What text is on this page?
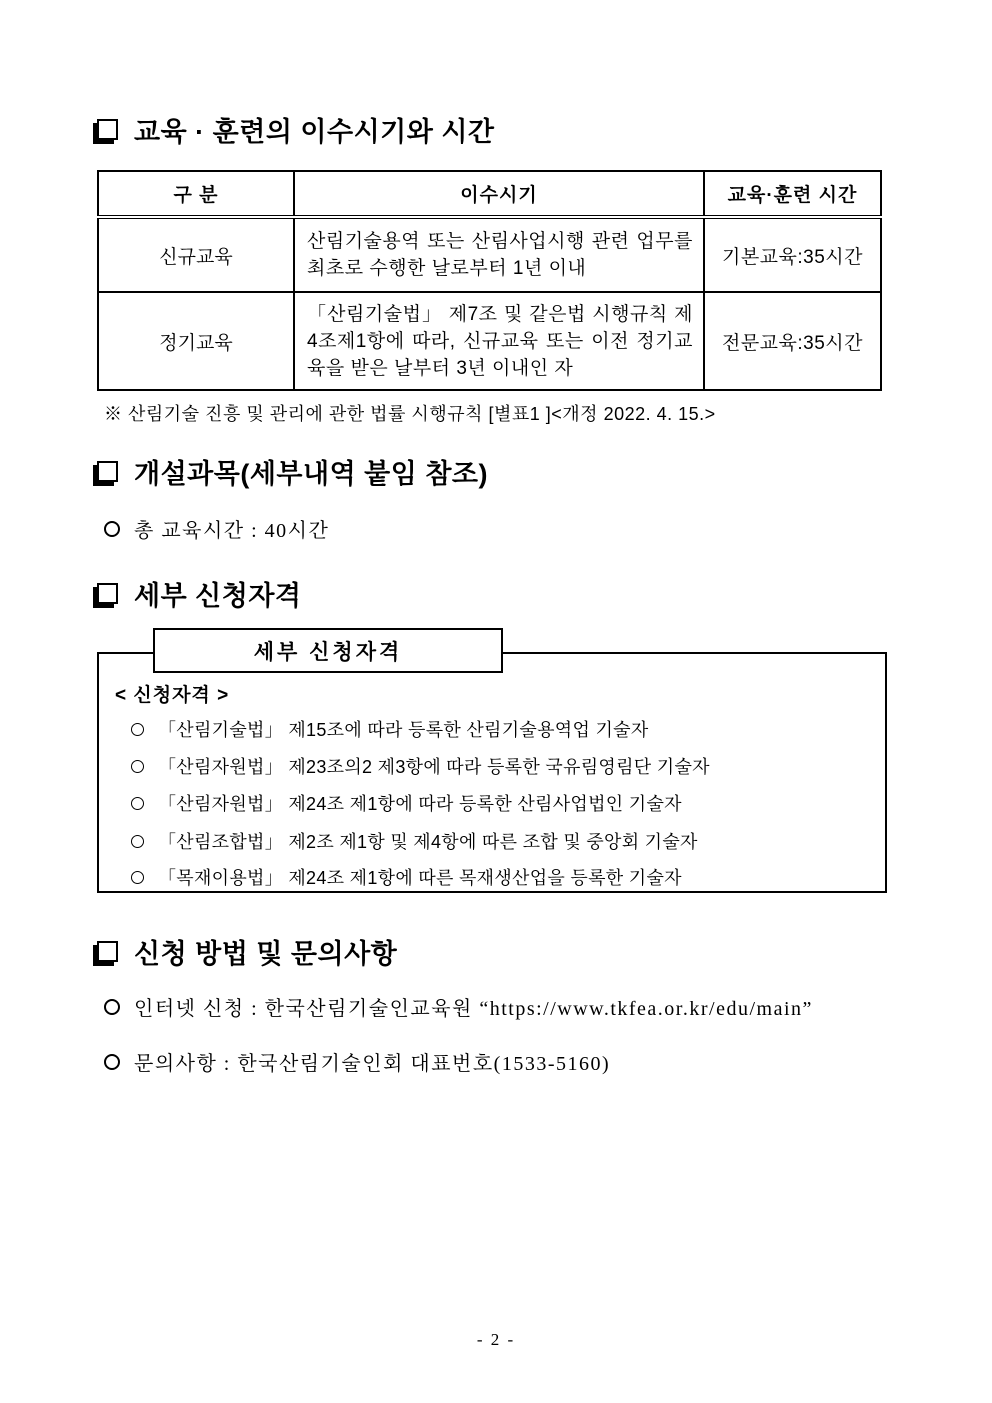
교육 · 훈련의 이수시기와 시간
구 분	이수시기	교육·훈련 시간
신규교육	산림기술용역 또는 산림사업시행 관련 업무를 최초로 수행한 날로부터 1년 이내	기본교육:35시간
정기교육	「산림기술법」 제7조 및 같은법 시행규칙 제4조제1항에 따라, 신규교육 또는 이전 정기교육을 받은 날부터 3년 이내인 자	전문교육:35시간
※ 산림기술 진흥 및 관리에 관한 법률 시행규칙 [별표1 ]<개정 2022. 4. 15.>
개설과목(세부내역 붙임 참조)
총 교육시간 : 40시간
세부 신청자격
세부 신청자격
< 신청자격 >
「산림기술법」 제15조에 따라 등록한 산림기술용역업 기술자
「산림자원법」 제23조의2 제3항에 따라 등록한 국유림영림단 기술자
「산림자원법」 제24조 제1항에 따라 등록한 산림사업법인 기술자
「산림조합법」 제2조 제1항 및 제4항에 따른 조합 및 중앙회 기술자
「목재이용법」 제24조 제1항에 따른 목재생산업을 등록한 기술자
신청 방법 및 문의사항
인터넷 신청 : 한국산림기술인교육원 “https://www.tkfea.or.kr/edu/main”
문의사항 : 한국산림기술인회 대표번호(1533-5160)
- 2 -
